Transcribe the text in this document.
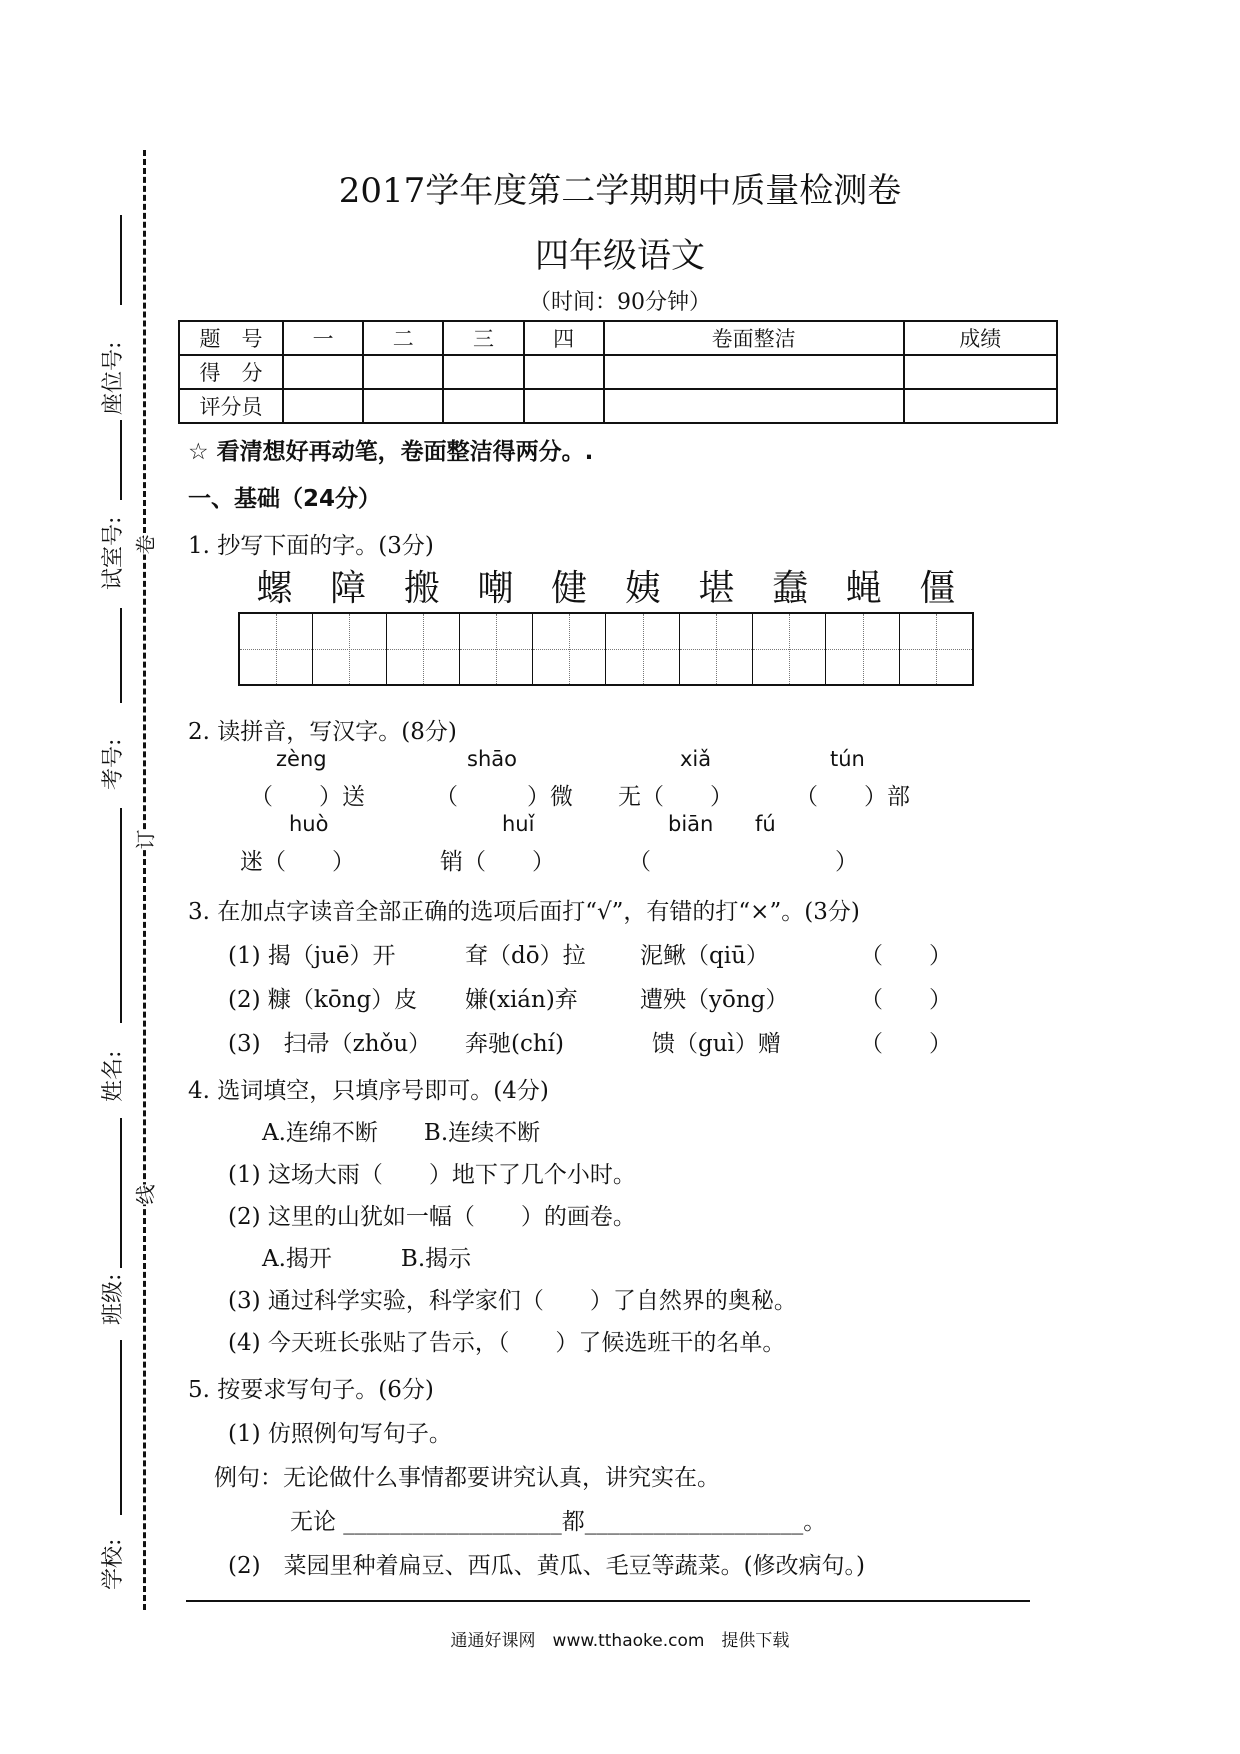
座位号:
试室号:
考号:
姓名:
班级:
学校:
卷
订
线
2017学年度第二学期期中质量检测卷
四年级语文
（时间：90分钟）
题　号	一	二	三	四	卷面整洁	成绩
得　分						
评分员						
☆ 看清想好再动笔，卷面整洁得两分。.
一、基础（24分）
1. 抄写下面的字。(3分)
螺	障	搬	嘲	健	姨	堪	蠢	蝇	僵
2. 读拼音，写汉字。(8分)
zèng	shāo	xiǎ	tún
（　　）送	（　　　）微 无（　　）	（　　）部
huò	huǐ	biān fú
迷（　　）	销（　　）	（　　　　　　　　）
3. 在加点字读音全部正确的选项后面打“√”，有错的打“×”。(3分)
(1) 揭（juē）开	耷（dō）拉 泥鳅（qiū）	（　　）
(2) 糠（kōng）皮 嫌(xián)弃	遭殃（yōng）	（　　）
(3)　扫帚（zhǒu） 奔驰(chí)	馈（guì）赠	（　　）
4. 选词填空，只填序号即可。(4分)
A.连绵不断　　B.连续不断
(1) 这场大雨（　　）地下了几个小时。
(2) 这里的山犹如一幅（　　）的画卷。
A.揭开　　　B.揭示
(3) 通过科学实验，科学家们（　　）了自然界的奥秘。
(4) 今天班长张贴了告示，（　　）了候选班干的名单。
5. 按要求写句子。(6分)
(1) 仿照例句写句子。
例句：无论做什么事情都要讲究认真，讲究实在。
无论 ___________________都___________________。
(2)　菜园里种着扁豆、西瓜、黄瓜、毛豆等蔬菜。(修改病句。)
通通好课网　www.tthaoke.com　提供下载
